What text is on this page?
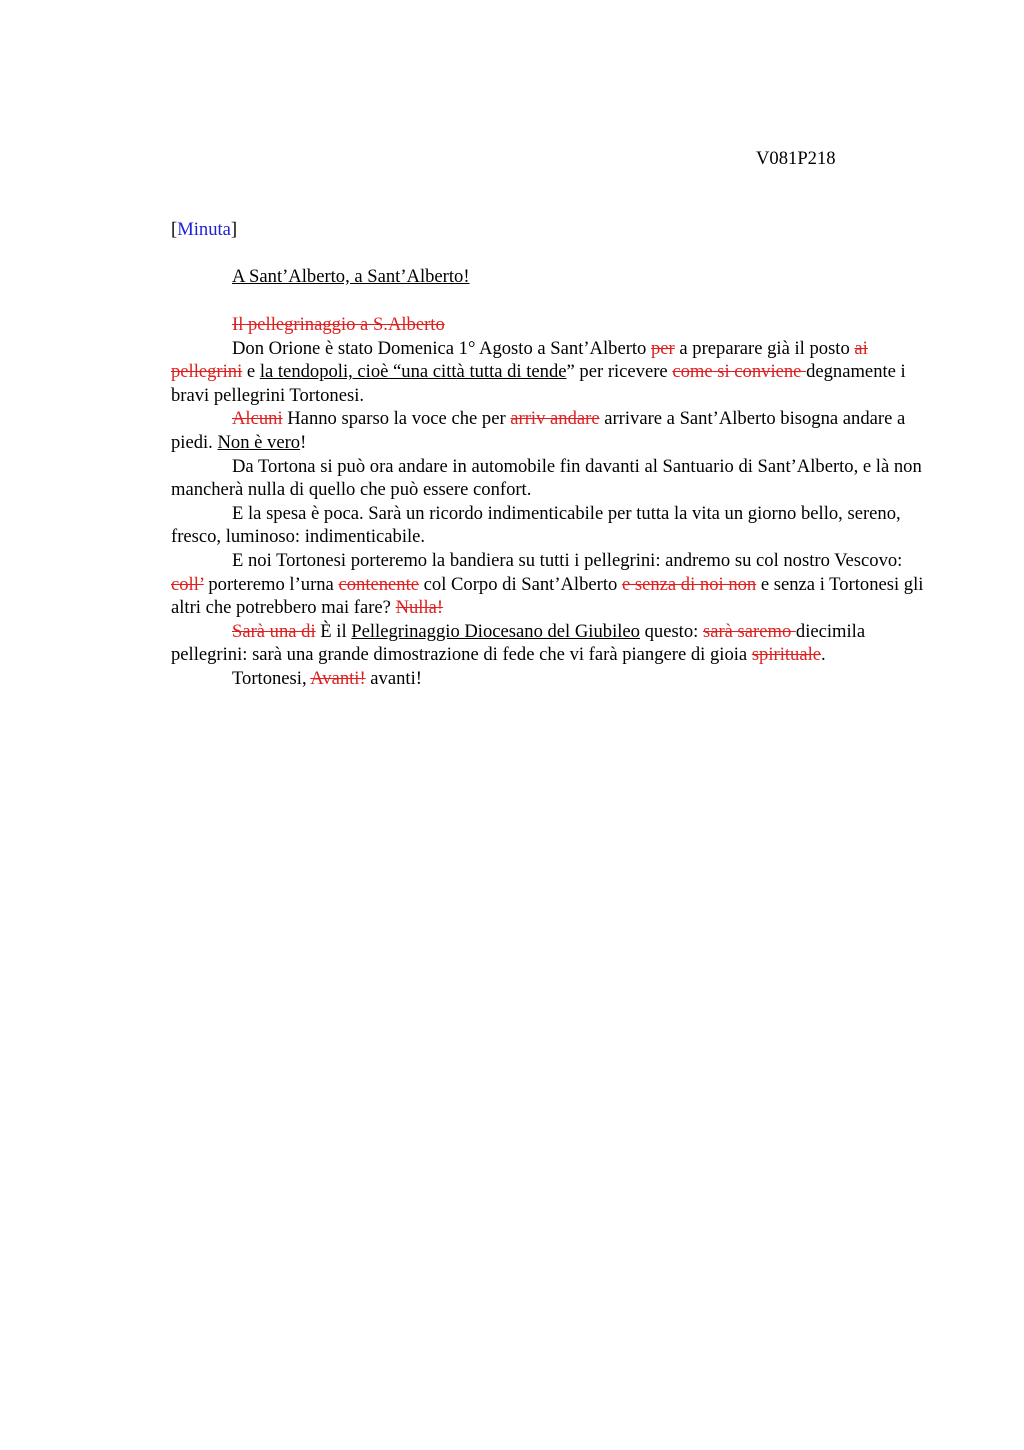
V081P218
[Minuta]
A Sant’Alberto, a Sant’Alberto!

Il pellegrinaggio a S.Alberto

Don Orione è stato Domenica 1° Agosto a Sant’Alberto per a preparare già il posto ai pellegrini e la tendopoli, cioè “una città tutta di tende” per ricevere come si conviene degnamente i bravi pellegrini Tortonesi.

Alcuni Hanno sparso la voce che per arriv andare arrivare a Sant’Alberto bisogna andare a piedi. Non è vero!

Da Tortona si può ora andare in automobile fin davanti al Santuario di Sant’Alberto, e là non mancherà nulla di quello che può essere confort.

E la spesa è poca. Sarà un ricordo indimenticabile per tutta la vita un giorno bello, sereno, fresco, luminoso: indimenticabile.

E noi Tortonesi porteremo la bandiera su tutti i pellegrini: andremo su col nostro Vescovo: coll’ porteremo l’urna contenente col Corpo di Sant’Alberto e senza di noi non e senza i Tortonesi gli altri che potrebbero mai fare? Nulla!

Sarà una di È il Pellegrinaggio Diocesano del Giubileo questo: sarà saremo diecimila pellegrini: sarà una grande dimostrazione di fede che vi farà piangere di gioia spirituale.

Tortonesi, Avanti! avanti!
